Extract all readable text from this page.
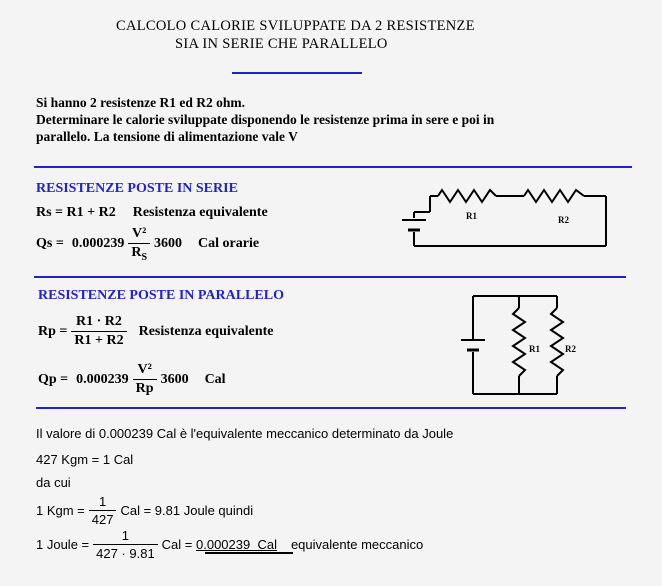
CALCOLO CALORIE SVILUPPATE DA 2 RESISTENZE
SIA IN SERIE CHE PARALLELO
Si hanno 2 resistenze R1 ed R2 ohm.
Determinare le calorie sviluppate disponendo le resistenze prima in sere e poi in
parallelo. La tensione di alimentazione vale V
RESISTENZE POSTE IN SERIE
Rs = R1 + R2 Resistenza equivalente
$Qs = 0.000239 \frac{\text{V²}}{R_S} 3600$ Cal orarie
R1	R2
RESISTENZE POSTE IN PARALLELO
$Rp = \frac{R1 \cdot R2}{R1 + R2}$ Resistenza equivalente
$Qp = 0.000239 \frac{\text{V²}}{Rp} 3600$ Cal
R1	R2
Il valore di 0.000239 Cal è l'equivalente meccanico determinato da Joule
427 Kgm = 1 Cal
da cui
1 Kgm = $\frac{1}{427}$ Cal = 9.81 Joule quindi
1 Joule = $\frac{1}{427 \cdot 9.81}$ Cal = 0.000239  Cal equivalente meccanico
